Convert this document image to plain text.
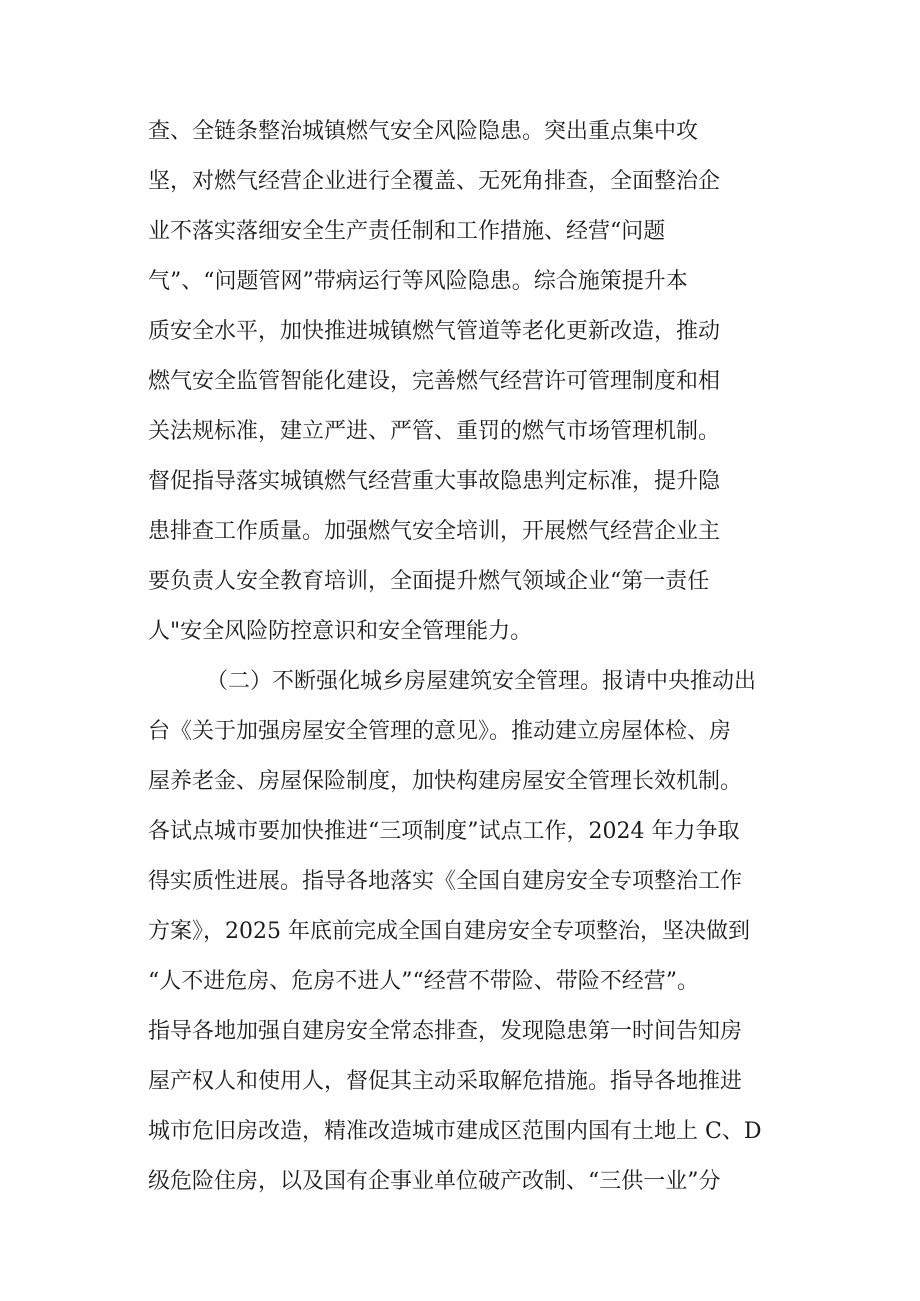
查、全链条整治城镇燃气安全风险隐患。突出重点集中攻
坚，对燃气经营企业进行全覆盖、无死角排查，全面整治企
业不落实落细安全生产责任制和工作措施、经营“问题
气”、“问题管网”带病运行等风险隐患。综合施策提升本
质安全水平，加快推进城镇燃气管道等老化更新改造，推动
燃气安全监管智能化建设，完善燃气经营许可管理制度和相
关法规标准，建立严进、严管、重罚的燃气市场管理机制。
督促指导落实城镇燃气经营重大事故隐患判定标准，提升隐
患排查工作质量。加强燃气安全培训，开展燃气经营企业主
要负责人安全教育培训，全面提升燃气领域企业“第一责任
人"安全风险防控意识和安全管理能力。
（二）不断强化城乡房屋建筑安全管理。报请中央推动出
台《关于加强房屋安全管理的意见》。推动建立房屋体检、房
屋养老金、房屋保险制度，加快构建房屋安全管理长效机制。
各试点城市要加快推进“三项制度”试点工作，2024 年力争取
得实质性进展。指导各地落实《全国自建房安全专项整治工作
方案》，2025 年底前完成全国自建房安全专项整治，坚决做到
“人不进危房、危房不进人”“经营不带险、带险不经营”。
指导各地加强自建房安全常态排查，发现隐患第一时间告知房
屋产权人和使用人，督促其主动采取解危措施。指导各地推进
城市危旧房改造，精准改造城市建成区范围内国有土地上 C、D
级危险住房，以及国有企事业单位破产改制、“三供一业”分
